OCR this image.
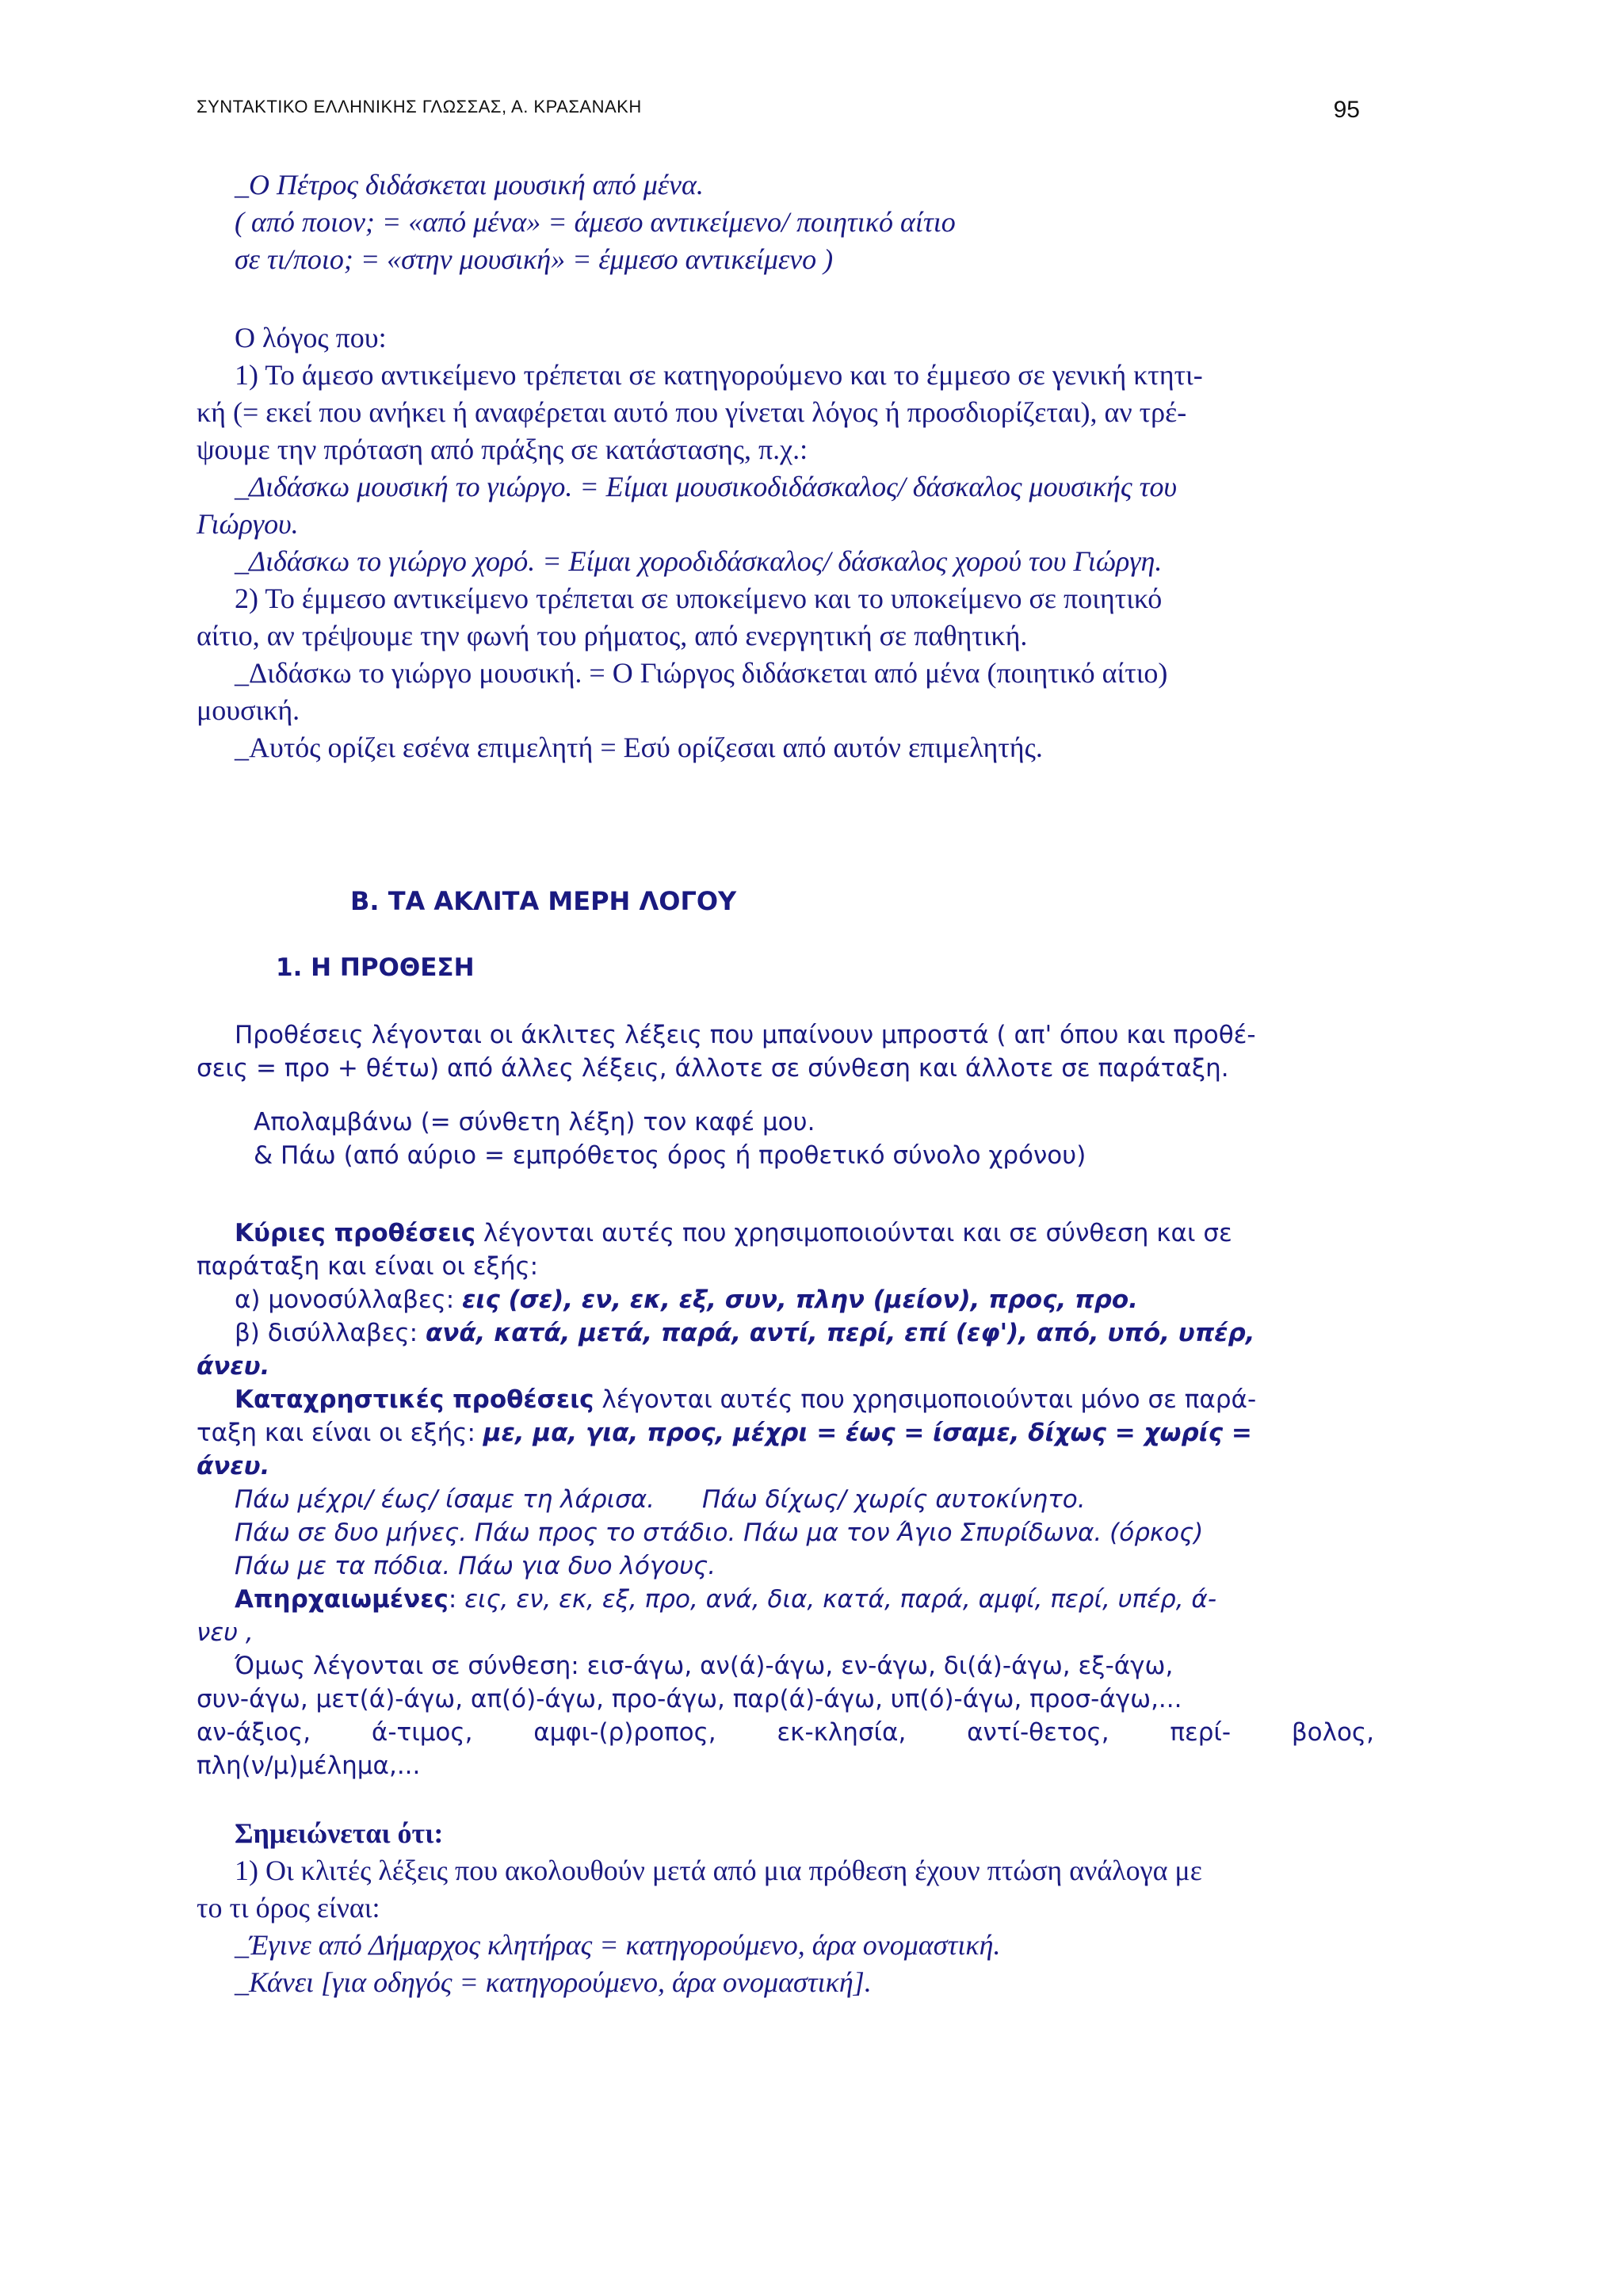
ΣΥΝΤΑΚΤΙΚΟ ΕΛΛΗΝΙΚΗΣ ΓΛΩΣΣΑΣ, Α. ΚΡΑΣΑΝΑΚΗ	95
_Ο Πέτρος διδάσκεται μουσική από μένα.
( από ποιον; = «από μένα» = άμεσο αντικείμενο/ ποιητικό αίτιο
σε τι/ποιο; = «στην μουσική» = έμμεσο αντικείμενο )
Ο λόγος που:
1) Το άμεσο αντικείμενο τρέπεται σε κατηγορούμενο και το έμμεσο σε γενική κτητι-
κή (= εκεί που ανήκει ή αναφέρεται αυτό που γίνεται λόγος ή προσδιορίζεται), αν τρέ-
ψουμε την πρόταση από πράξης σε κατάστασης, π.χ.:
_Διδάσκω μουσική το γιώργο. = Είμαι μουσικοδιδάσκαλος/ δάσκαλος μουσικής του
Γιώργου.
_Διδάσκω το γιώργο χορό. = Είμαι χοροδιδάσκαλος/ δάσκαλος χορού του Γιώργη.
2) Το έμμεσο αντικείμενο τρέπεται σε υποκείμενο και το υποκείμενο σε ποιητικό
αίτιο, αν τρέψουμε την φωνή του ρήματος, από ενεργητική σε παθητική.
_Διδάσκω το γιώργο μουσική. = Ο Γιώργος διδάσκεται από μένα (ποιητικό αίτιο)
μουσική.
_Αυτός ορίζει εσένα επιμελητή = Εσύ ορίζεσαι από αυτόν επιμελητής.
Β. ΤΑ ΑΚΛΙΤΑ ΜΕΡΗ ΛΟΓΟΥ
1. Η ΠΡΟΘΕΣΗ
Προθέσεις λέγονται οι άκλιτες λέξεις που μπαίνουν μπροστά ( απ' όπου και προθέ-
σεις = προ + θέτω) από άλλες λέξεις, άλλοτε σε σύνθεση και άλλοτε σε παράταξη.
Απολαμβάνω (= σύνθετη λέξη) τον καφέ μου.
& Πάω (από αύριο = εμπρόθετος όρος ή προθετικό σύνολο χρόνου)
Κύριες προθέσεις λέγονται αυτές που χρησιμοποιούνται και σε σύνθεση και σε
παράταξη και είναι οι εξής:
α) μονοσύλλαβες: εις (σε), εν, εκ, εξ, συν, πλην (μείον), προς, προ.
β) δισύλλαβες: ανά, κατά, μετά, παρά, αντί, περί, επί (εφ'), από, υπό, υπέρ,
άνευ.
Καταχρηστικές προθέσεις λέγονται αυτές που χρησιμοποιούνται μόνο σε παρά-
ταξη και είναι οι εξής: με, μα, για, προς, μέχρι = έως = ίσαμε, δίχως = χωρίς =
άνευ.
Πάω μέχρι/ έως/ ίσαμε τη λάρισα. Πάω δίχως/ χωρίς αυτοκίνητο.
Πάω σε δυο μήνες. Πάω προς το στάδιο. Πάω μα τον Άγιο Σπυρίδωνα. (όρκος)
Πάω με τα πόδια. Πάω για δυο λόγους.
Απηρχαιωμένες: εις, εν, εκ, εξ, προ, ανά, δια, κατά, παρά, αμφί, περί, υπέρ, ά-
νευ ,
Όμως λέγονται σε σύνθεση: εισ-άγω, αν(ά)-άγω, εν-άγω, δι(ά)-άγω, εξ-άγω,
συν-άγω, μετ(ά)-άγω, απ(ό)-άγω, προ-άγω, παρ(ά)-άγω, υπ(ό)-άγω, προσ-άγω,...
αν-άξιος, ά-τιμος, αμφι-(ρ)ροπος, εκ-κλησία, αντί-θετος, περί- βολος,
πλη(ν/μ)μέλημα,...
Σημειώνεται ότι:
1) Οι κλιτές λέξεις που ακολουθούν μετά από μια πρόθεση έχουν πτώση ανάλογα με
το τι όρος είναι:
_Έγινε από Δήμαρχος κλητήρας = κατηγορούμενο, άρα ονομαστική.
_Κάνει [για οδηγός = κατηγορούμενο, άρα ονομαστική].
